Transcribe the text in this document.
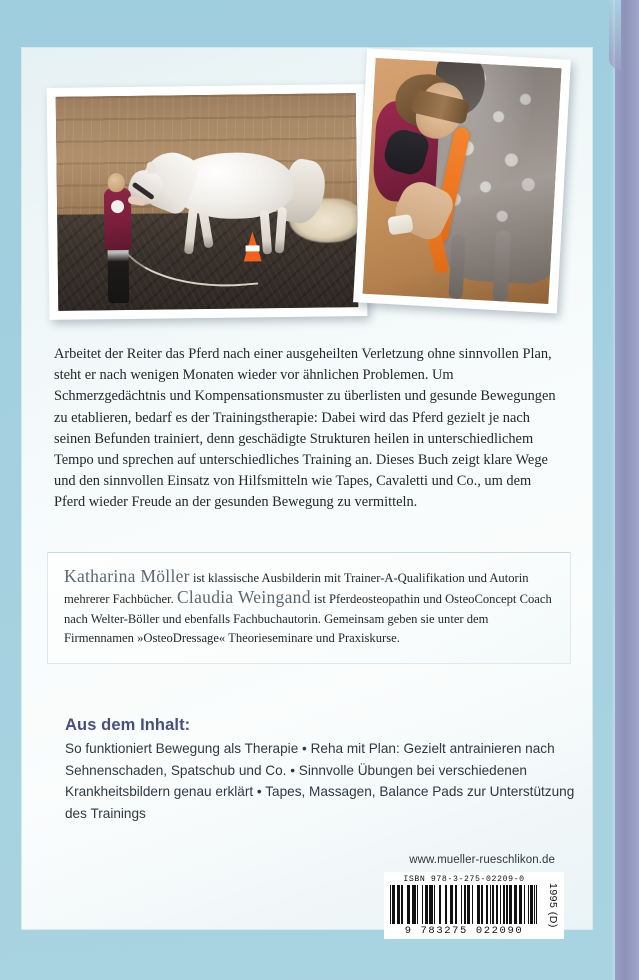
Arbeitet der Reiter das Pferd nach einer ausgeheilten Verletzung ohne sinnvollen Plan, steht er nach wenigen Monaten wieder vor ähnlichen Problemen. Um Schmerzgedächtnis und Kompensationsmuster zu überlisten und gesunde Bewegungen zu etablieren, bedarf es der Trainingstherapie: Dabei wird das Pferd gezielt je nach seinen Befunden trainiert, denn geschädigte Strukturen heilen in unterschiedlichem Tempo und sprechen auf unterschiedliches Training an. Dieses Buch zeigt klare Wege und den sinnvollen Einsatz von Hilfsmitteln wie Tapes, Cavaletti und Co., um dem Pferd wieder Freude an der gesunden Bewegung zu vermitteln.

Katharina Möller ist klassische Ausbilderin mit Trainer-A-Qualifikation und Autorin mehrerer Fachbücher. Claudia Weingand ist Pferdeosteopathin und OsteoConcept Coach nach Welter-Böller und ebenfalls Fachbuchautorin. Gemeinsam geben sie unter dem Firmennamen »OsteoDressage« Theorieseminare und Praxiskurse.
Aus dem Inhalt:
So funktioniert Bewegung als Therapie • Reha mit Plan: Gezielt antrainieren nach Sehnenschaden, Spatschub und Co. • Sinnvolle Übungen bei verschiedenen Krankheitsbildern genau erklärt • Tapes, Massagen, Balance Pads zur Unterstützung des Trainings
www.mueller-rueschlikon.de
ISBN 978-3-275-02209-0
9 783275 022090
1995 (D)
